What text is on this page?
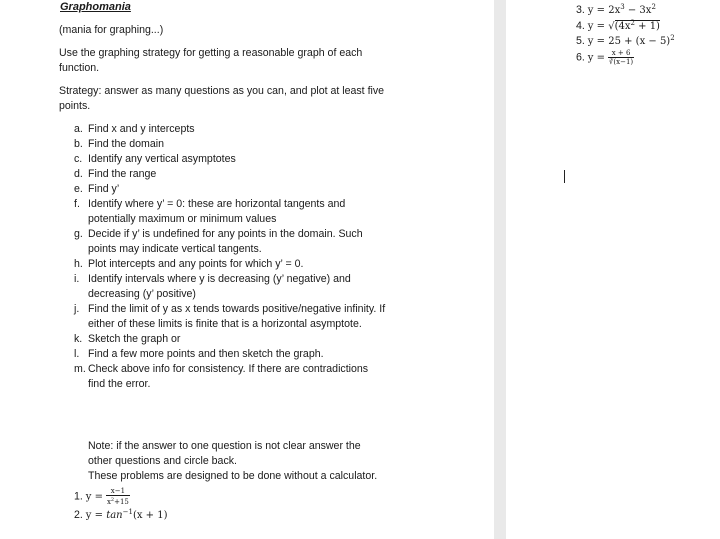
Graphomania
(mania for graphing...)
Use the graphing strategy for getting a reasonable graph of each
function.
Strategy: answer as many questions as you can, and plot at least five
points.
a. Find x and y intercepts
b. Find the domain
c. Identify any vertical asymptotes
d. Find the range
e. Find y’
f. Identify where y’ = 0: these are horizontal tangents and
potentially maximum or minimum values
g. Decide if y’ is undefined for any points in the domain. Such
points may indicate vertical tangents.
h. Plot intercepts and any points for which y’ = 0.
i. Identify intervals where y is decreasing (y’ negative) and
decreasing (y’ positive)
j. Find the limit of y as x tends towards positive/negative infinity. If
either of these limits is finite that is a horizontal asymptote.
k. Sketch the graph or
l. Find a few more points and then sketch the graph.
m. Check above info for consistency. If there are contradictions
find the error.
Note: if the answer to one question is not clear answer the
other questions and circle back.
These problems are designed to be done without a calculator.
1. $y = \frac{x-1}{x^2+15}$
2. $y = \tan^{-1}(x + 1)$
3. $y = 2x^3 - 3x^2$
4. $y = √(4x^2 + 1)$
5. $y = 25 + (x - 5)^2$
6. $y = \frac{x + 6}{∛(x-1)}$
